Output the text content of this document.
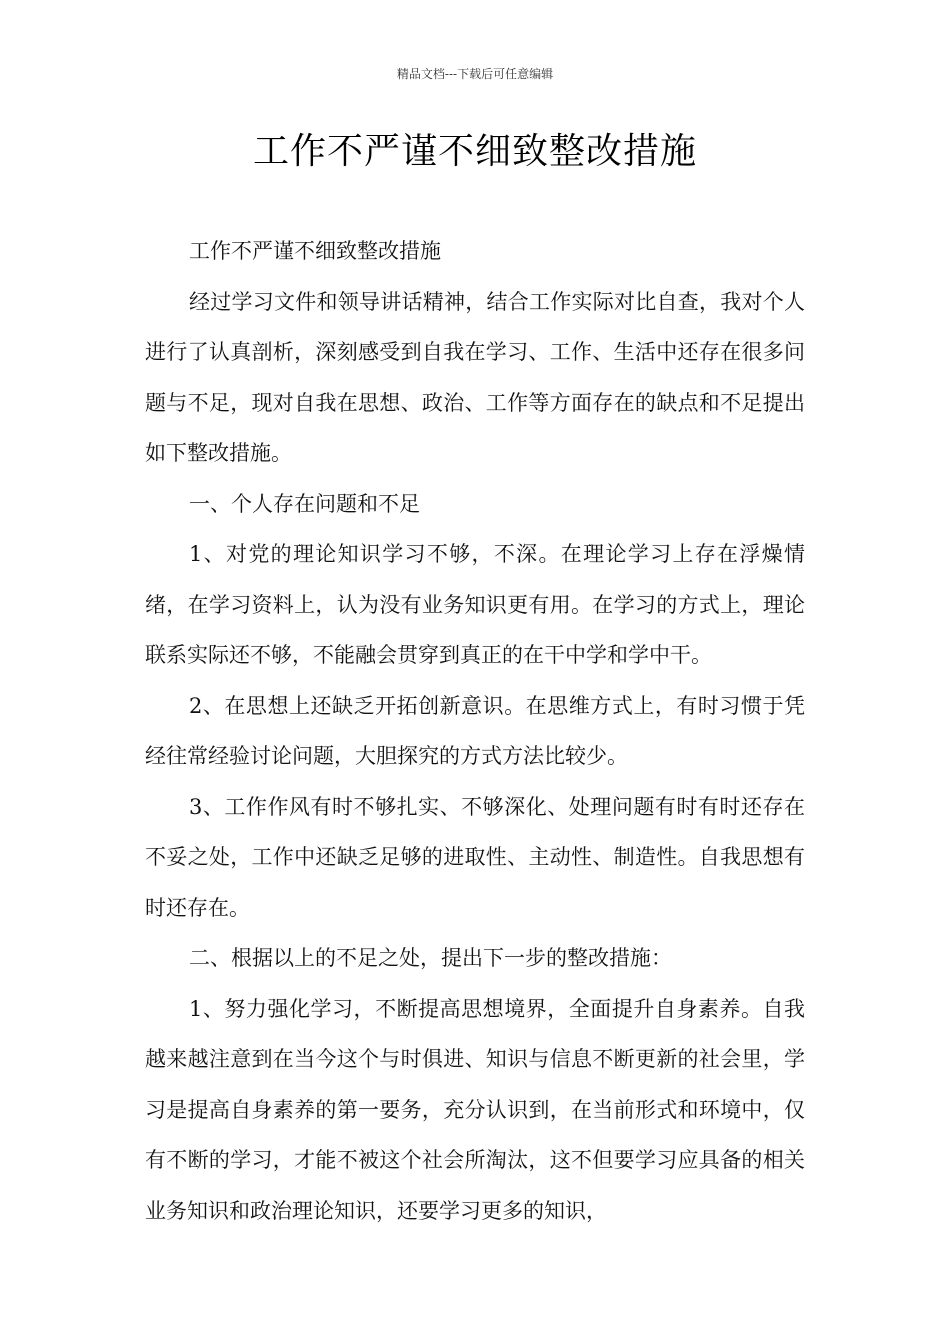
精品文档---下载后可任意编辑
工作不严谨不细致整改措施

工作不严谨不细致整改措施

经过学习文件和领导讲话精神，结合工作实际对比自查，我对个人进行了认真剖析，深刻感受到自我在学习、工作、生活中还存在很多问题与不足，现对自我在思想、政治、工作等方面存在的缺点和不足提出如下整改措施。

一、个人存在问题和不足

1、对党的理论知识学习不够，不深。在理论学习上存在浮燥情绪，在学习资料上，认为没有业务知识更有用。在学习的方式上，理论联系实际还不够，不能融会贯穿到真正的在干中学和学中干。

2、在思想上还缺乏开拓创新意识。在思维方式上，有时习惯于凭经往常经验讨论问题，大胆探究的方式方法比较少。

3、工作作风有时不够扎实、不够深化、处理问题有时有时还存在不妥之处，工作中还缺乏足够的进取性、主动性、制造性。自我思想有时还存在。

二、根据以上的不足之处，提出下一步的整改措施：

1、努力强化学习，不断提高思想境界，全面提升自身素养。自我越来越注意到在当今这个与时俱进、知识与信息不断更新的社会里，学习是提高自身素养的第一要务，充分认识到，在当前形式和环境中，仅有不断的学习，才能不被这个社会所淘汰，这不但要学习应具备的相关业务知识和政治理论知识，还要学习更多的知识，
